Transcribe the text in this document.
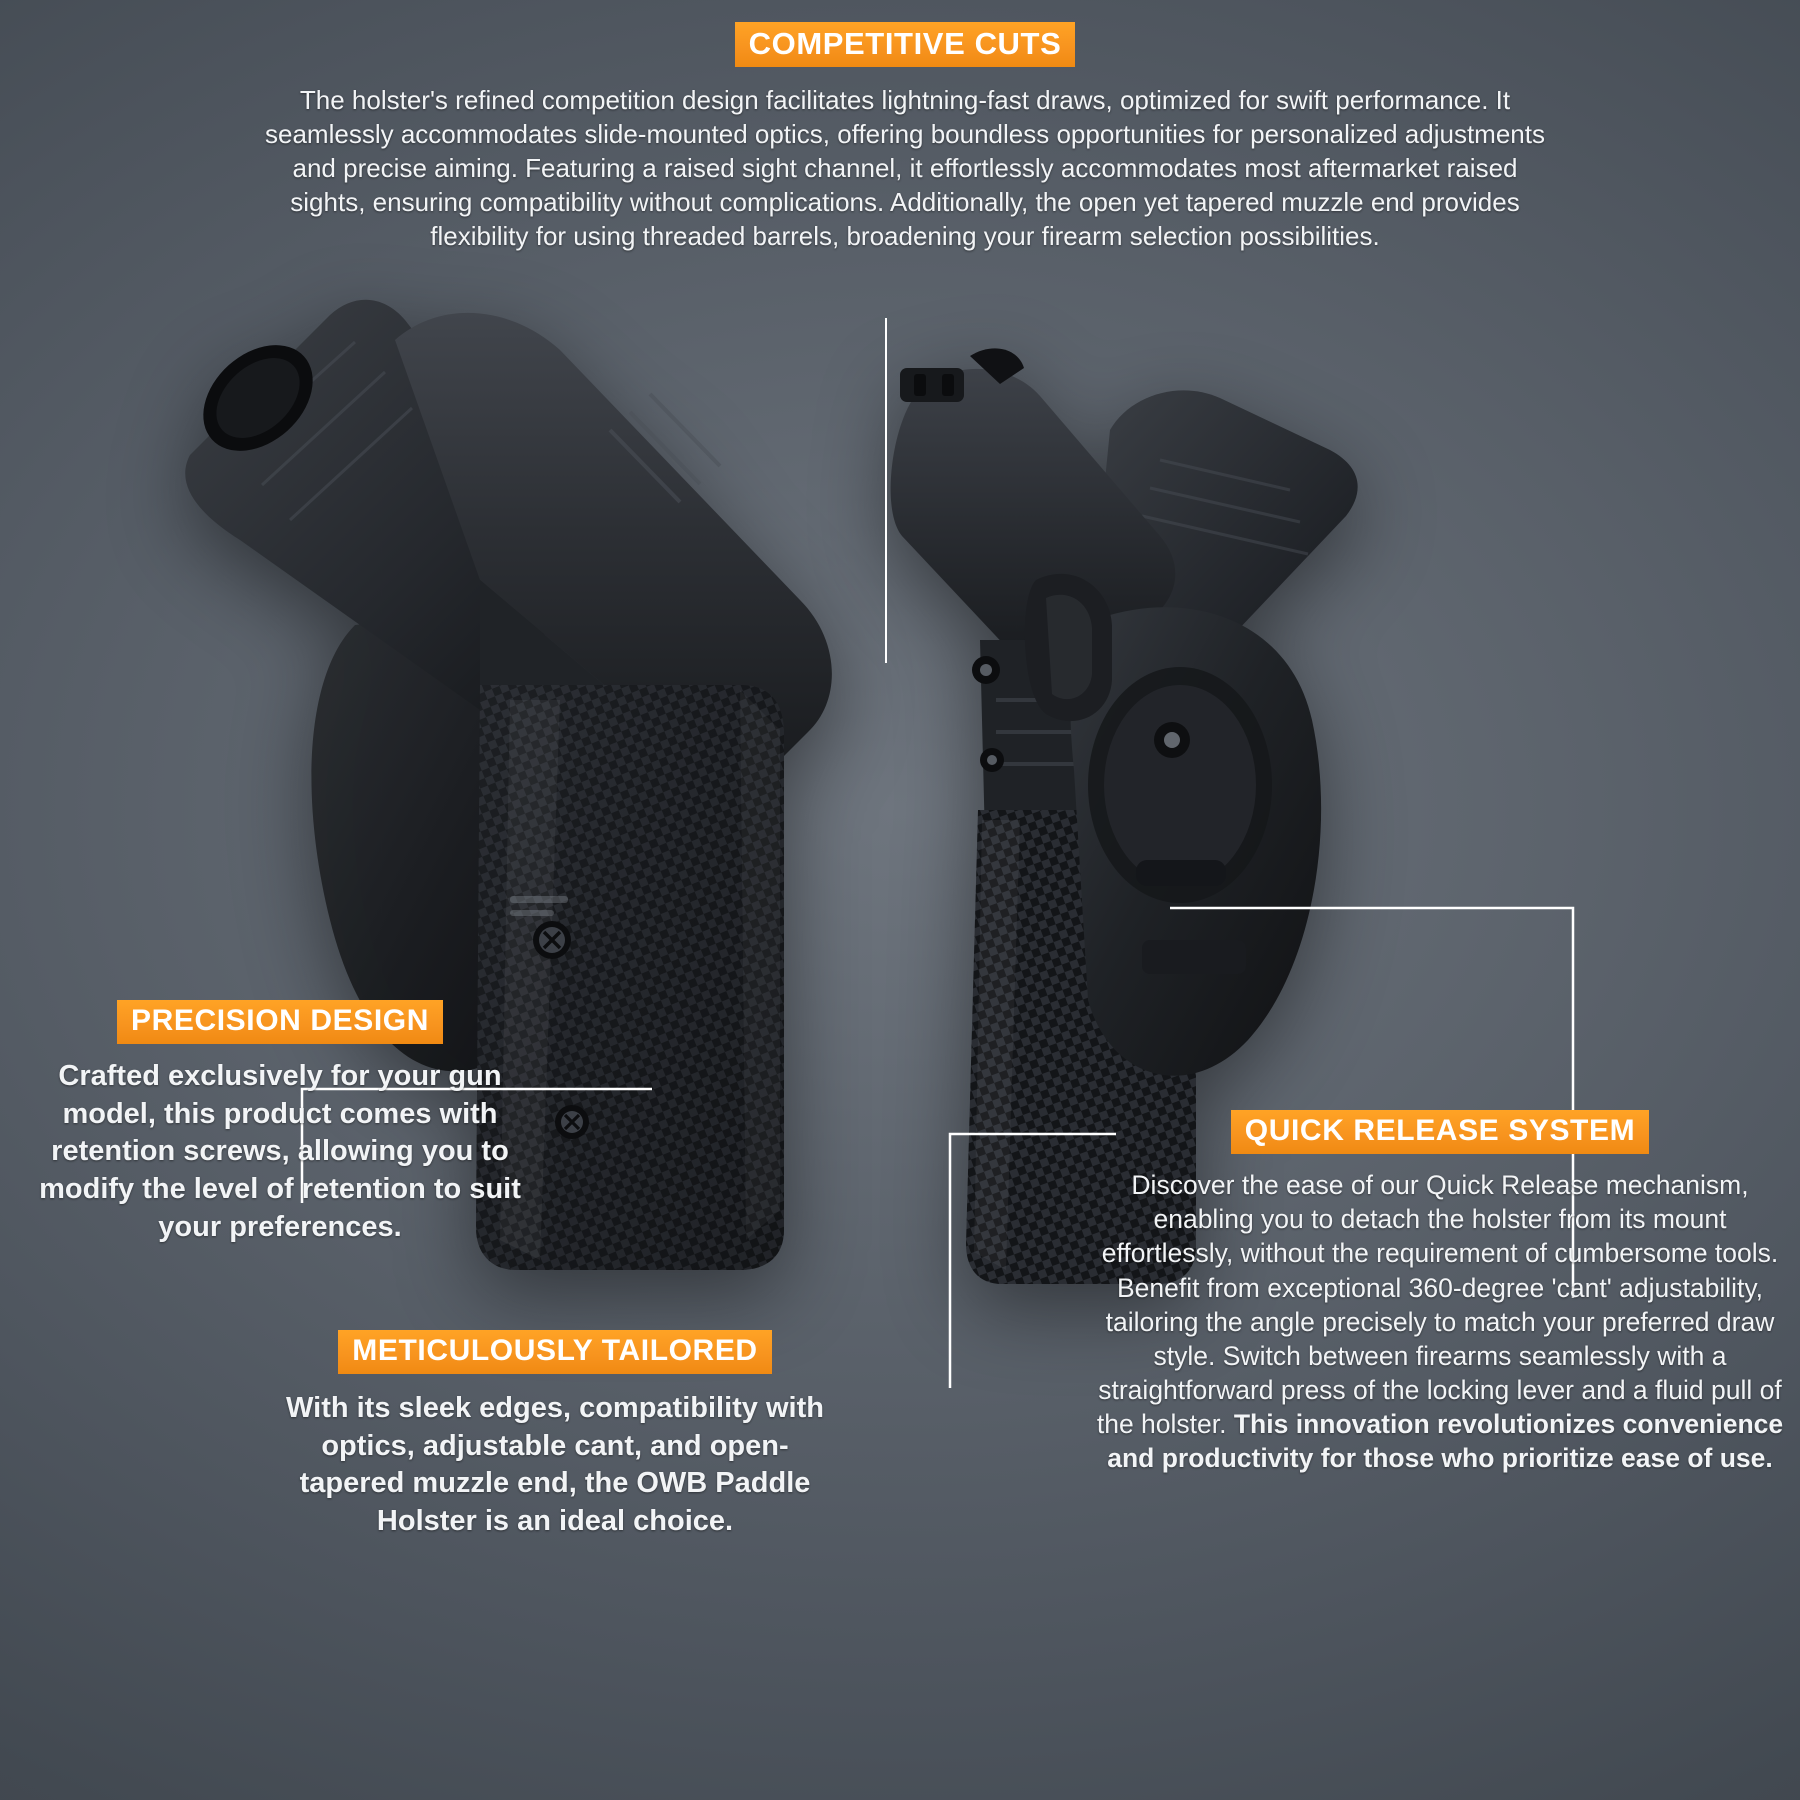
COMPETITIVE CUTS

The holster's refined competition design facilitates lightning-fast draws, optimized for swift performance. It seamlessly accommodates slide-mounted optics, offering boundless opportunities for personalized adjustments and precise aiming. Featuring a raised sight channel, it effortlessly accommodates most aftermarket raised sights, ensuring compatibility without complications. Additionally, the open yet tapered muzzle end provides flexibility for using threaded barrels, broadening your firearm selection possibilities.

PRECISION DESIGN

Crafted exclusively for your gun model, this product comes with retention screws, allowing you to modify the level of retention to suit your preferences.

METICULOUSLY TAILORED

With its sleek edges, compatibility with optics, adjustable cant, and open-tapered muzzle end, the OWB Paddle Holster is an ideal choice.

QUICK RELEASE SYSTEM

Discover the ease of our Quick Release mechanism, enabling you to detach the holster from its mount effortlessly, without the requirement of cumbersome tools. Benefit from exceptional 360-degree 'cant' adjustability, tailoring the angle precisely to match your preferred draw style. Switch between firearms seamlessly with a straightforward press of the locking lever and a fluid pull of the holster. This innovation revolutionizes convenience and productivity for those who prioritize ease of use.
